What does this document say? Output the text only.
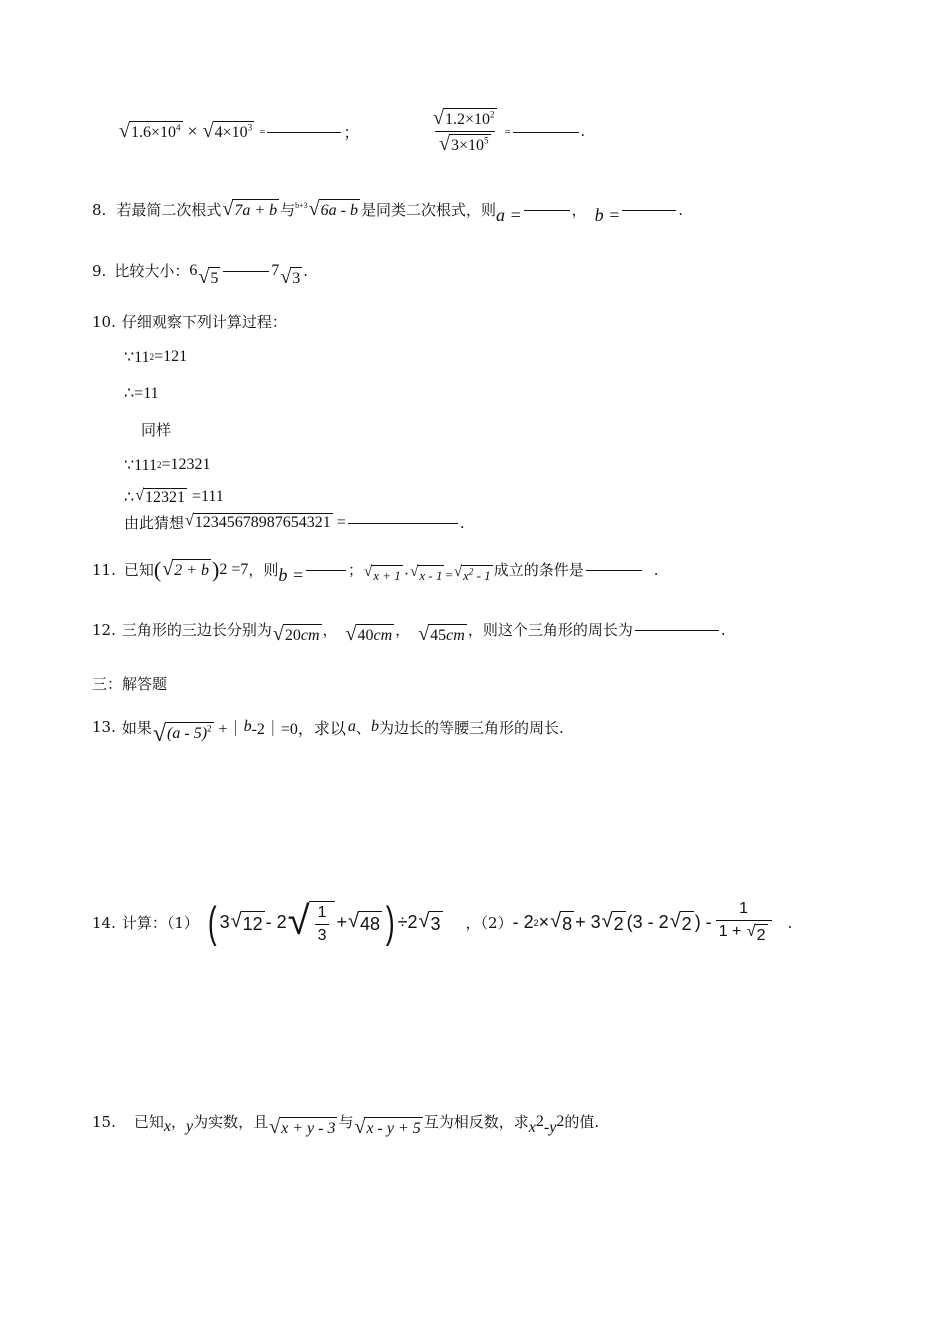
√ $1.6\times 10^4$ × √ $4\times 10^3$ =	；	$\frac{√ 1.2\times 10^2}{√ 3\times 10^5}$ =	.
8. 若最简二次根式 √ 7a + b 与 b+3 √ 6a - b 是同类二次根式，则 a =	， b =	.
9. 比较大小： 6 √ 5	7 √ 3 .
10. 仔细观察下列计算过程：
∵11 2 =121
∴=11
同样
∵111 2 =12321
∴ √ 12321 =111
由此猜想 √ 12345678987654321 =	.
11. 已知 ( √ 2 + b ) 2 =7 ，则 b =	； √ x + 1 · √ x - 1 = √ $x^2 - 1$ 成立的条件是	.
12. 三角形的三边长分别为 √ 20cm ， √ 40cm ， √ 45cm ，则这个三角形的周长为	.
三：解答题
13. 如果 √ (a - 5)$^2$ +｜ b -2｜=0，求以 a 、 b 为边长的等腰三角形的周长.
14. 计算：（1） ( 3 √ 12 - 2 √ $\frac{1}{3}$ + √ 48 ) ÷2 √ 3 ，（2） - 2 2 × √ 8 + 3 √ 2 (3 - 2 √ 2 ) - $\frac{1}{1 + √ 2}$ .
15. 已知 x ， y 为实数，且 √ x + y - 3 与 √ x - y + 5 互为相反数，求 x 2 - y 2 的值.
